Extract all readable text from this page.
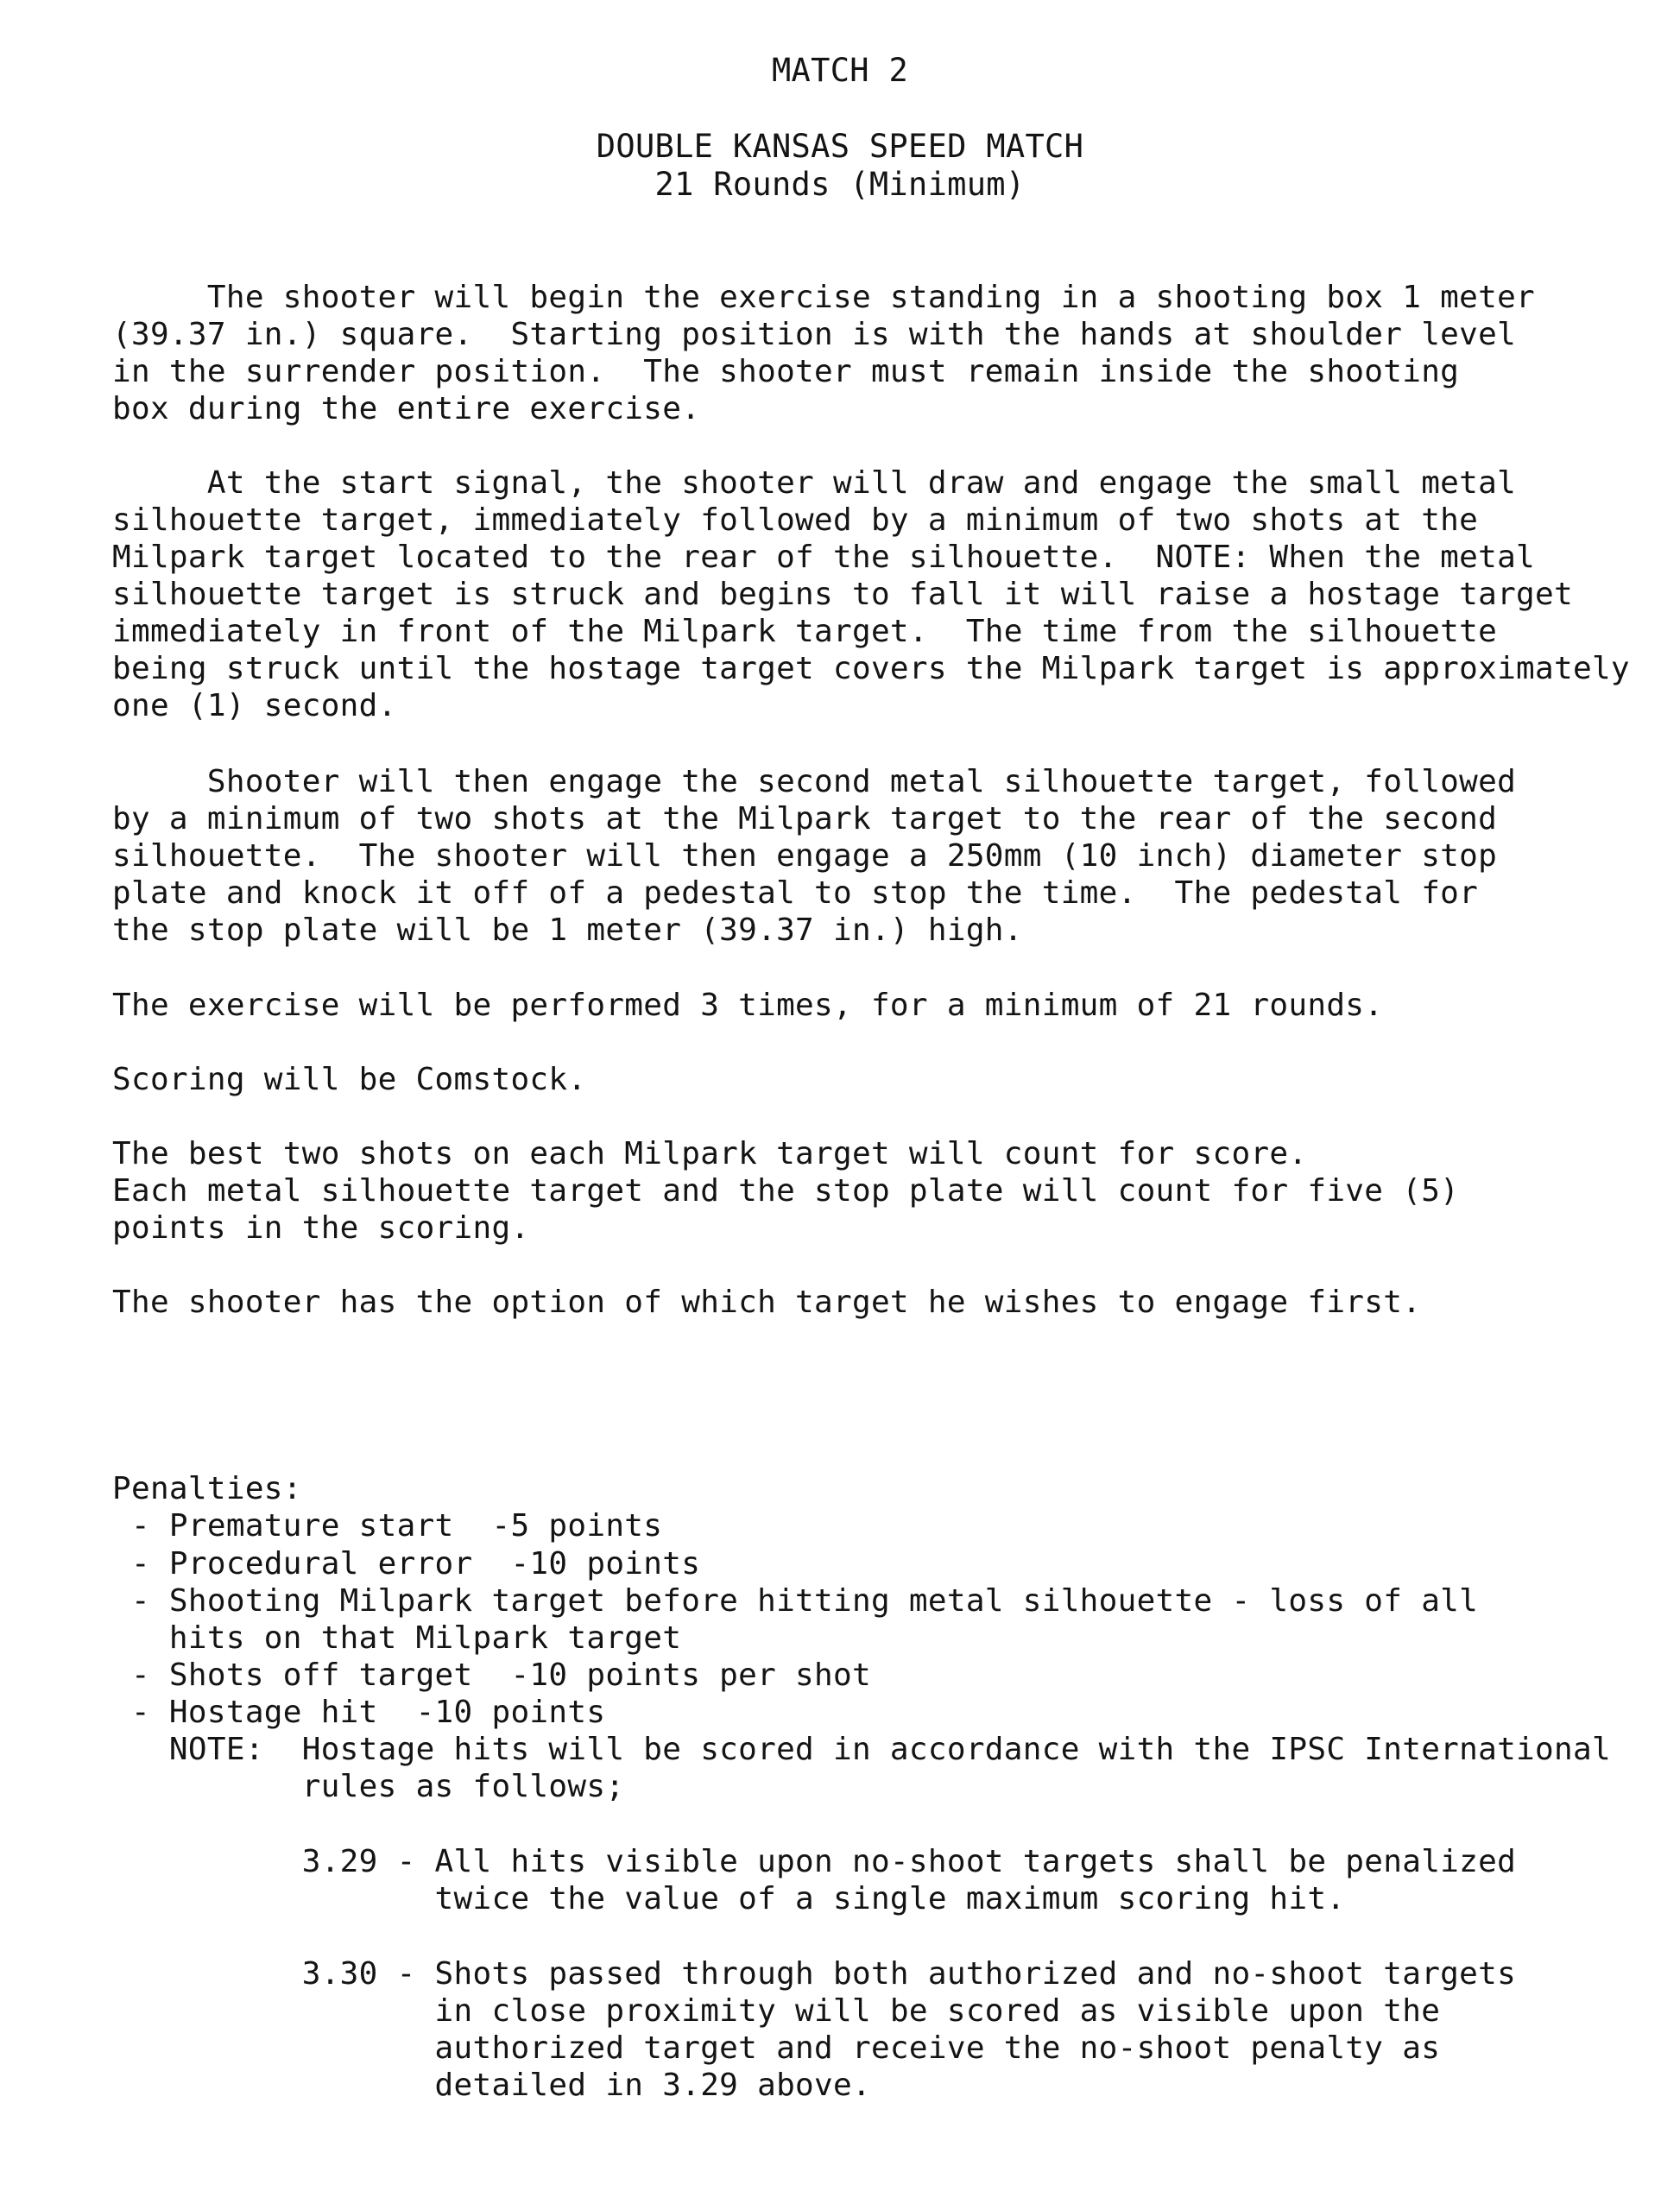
MATCH 2
DOUBLE KANSAS SPEED MATCH
21 Rounds (Minimum)
The shooter will begin the exercise standing in a shooting box 1 meter
(39.37 in.) square.  Starting position is with the hands at shoulder level
in the surrender position.  The shooter must remain inside the shooting
box during the entire exercise.
At the start signal, the shooter will draw and engage the small metal
silhouette target, immediately followed by a minimum of two shots at the
Milpark target located to the rear of the silhouette.  NOTE: When the metal
silhouette target is struck and begins to fall it will raise a hostage target
immediately in front of the Milpark target.  The time from the silhouette
being struck until the hostage target covers the Milpark target is approximately
one (1) second.
Shooter will then engage the second metal silhouette target, followed
by a minimum of two shots at the Milpark target to the rear of the second
silhouette.  The shooter will then engage a 250mm (10 inch) diameter stop
plate and knock it off of a pedestal to stop the time.  The pedestal for
the stop plate will be 1 meter (39.37 in.) high.
The exercise will be performed 3 times, for a minimum of 21 rounds.
Scoring will be Comstock.
The best two shots on each Milpark target will count for score.
Each metal silhouette target and the stop plate will count for five (5)
points in the scoring.
The shooter has the option of which target he wishes to engage first.
Penalties:
- Premature start  -5 points
- Procedural error  -10 points
- Shooting Milpark target before hitting metal silhouette - loss of all
hits on that Milpark target
- Shots off target  -10 points per shot
- Hostage hit  -10 points
NOTE:  Hostage hits will be scored in accordance with the IPSC International
rules as follows;
3.29 - All hits visible upon no-shoot targets shall be penalized
twice the value of a single maximum scoring hit.
3.30 - Shots passed through both authorized and no-shoot targets
in close proximity will be scored as visible upon the
authorized target and receive the no-shoot penalty as
detailed in 3.29 above.
